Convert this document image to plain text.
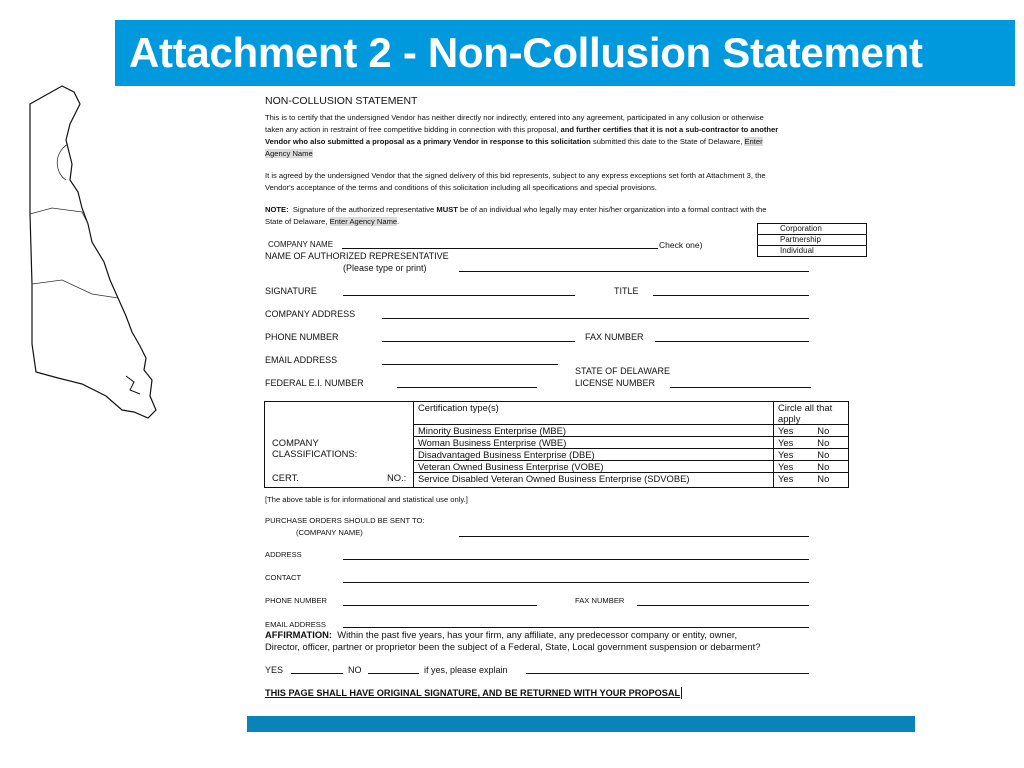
Attachment 2 - Non-Collusion Statement
NON-COLLUSION STATEMENT
This is to certify that the undersigned Vendor has neither directly nor indirectly, entered into any agreement, participated in any collusion or otherwise
taken any action in restraint of free competitive bidding in connection with this proposal, and further certifies that it is not a sub-contractor to another
Vendor who also submitted a proposal as a primary Vendor in response to this solicitation submitted this date to the State of Delaware, Enter
Agency Name
It is agreed by the undersigned Vendor that the signed delivery of this bid represents, subject to any express exceptions set forth at Attachment 3, the
Vendor's acceptance of the terms and conditions of this solicitation including all specifications and special provisions.
NOTE: Signature of the authorized representative MUST be of an individual who legally may enter his/her organization into a formal contract with the
State of Delaware, Enter Agency Name.
Corporation
Partnership
Individual
COMPANY NAME	Check one)
NAME OF AUTHORIZED REPRESENTATIVE
(Please type or print)
SIGNATURE	TITLE
COMPANY ADDRESS
PHONE NUMBER	FAX NUMBER
EMAIL ADDRESS
STATE OF DELAWARE
FEDERAL E.I. NUMBER	LICENSE NUMBER
COMPANY
CLASSIFICATIONS:
CERT. NO.:	Certification type(s)	Circle all that apply
	Minority Business Enterprise (MBE)	Yes No

	Woman Business Enterprise (WBE)	Yes No

	Disadvantaged Business Enterprise (DBE)	Yes No

	Veteran Owned Business Enterprise (VOBE)	Yes No

	Service Disabled Veteran Owned Business Enterprise (SDVOBE)	Yes No
[The above table is for informational and statistical use only.]
PURCHASE ORDERS SHOULD BE SENT TO:
(COMPANY NAME)
ADDRESS
CONTACT
PHONE NUMBER	FAX NUMBER
EMAIL ADDRESS
AFFIRMATION: Within the past five years, has your firm, any affiliate, any predecessor company or entity, owner,
Director, officer, partner or proprietor been the subject of a Federal, State, Local government suspension or debarment?
YES	NO	if yes, please explain
THIS PAGE SHALL HAVE ORIGINAL SIGNATURE, AND BE RETURNED WITH YOUR PROPOSAL
